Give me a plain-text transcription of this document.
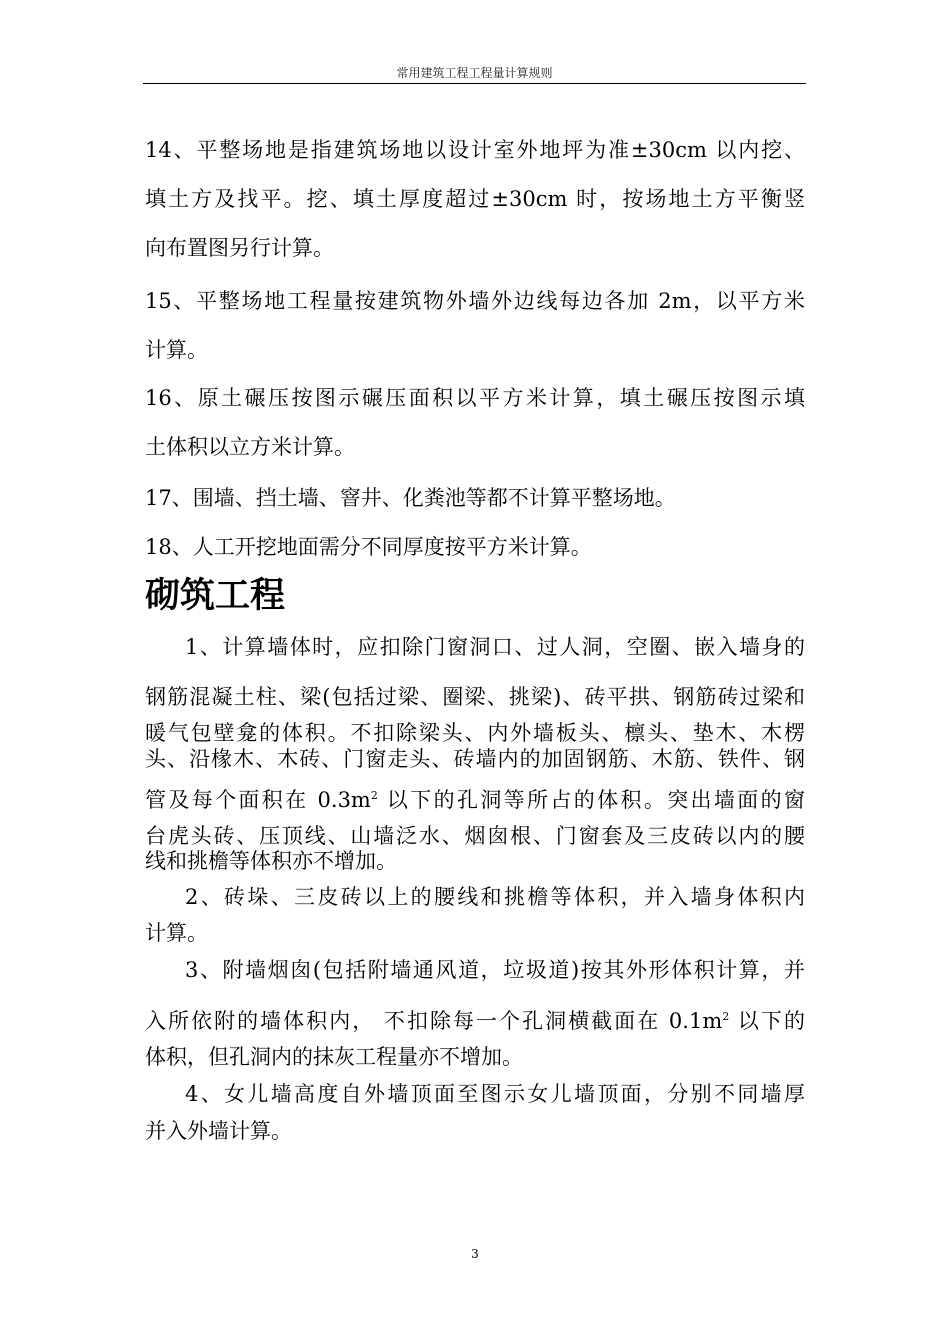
常用建筑工程工程量计算规则
14、平整场地是指建筑场地以设计室外地坪为准±30cm 以内挖、
填土方及找平。挖、填土厚度超过±30cm 时，按场地土方平衡竖
向布置图另行计算。
15、平整场地工程量按建筑物外墙外边线每边各加 2m，以平方米
计算。
16、原土碾压按图示碾压面积以平方米计算，填土碾压按图示填
土体积以立方米计算。
17、围墙、挡土墙、窨井、化粪池等都不计算平整场地。
18、人工开挖地面需分不同厚度按平方米计算。
砌筑工程
1、计算墙体时，应扣除门窗洞口、过人洞，空圈、嵌入墙身的
钢筋混凝土柱、梁(包括过梁、圈梁、挑梁)、砖平拱、钢筋砖过梁和
暖气包壁龛的体积。不扣除梁头、内外墙板头、檩头、垫木、木楞
头、沿椽木、木砖、门窗走头、砖墙内的加固钢筋、木筋、铁件、钢
管及每个面积在 $0.3m^2$ 以下的孔洞等所占的体积。突出墙面的窗
台虎头砖、压顶线、山墙泛水、烟囱根、门窗套及三皮砖以内的腰
线和挑檐等体积亦不增加。
2、砖垛、三皮砖以上的腰线和挑檐等体积，并入墙身体积内
计算。
3、附墙烟囱(包括附墙通风道，垃圾道)按其外形体积计算，并
入所依附的墙体积内， 不扣除每一个孔洞横截面在 $0.1m^2$ 以下的
体积，但孔洞内的抹灰工程量亦不增加。
4、女儿墙高度自外墙顶面至图示女儿墙顶面，分别不同墙厚
并入外墙计算。
3
